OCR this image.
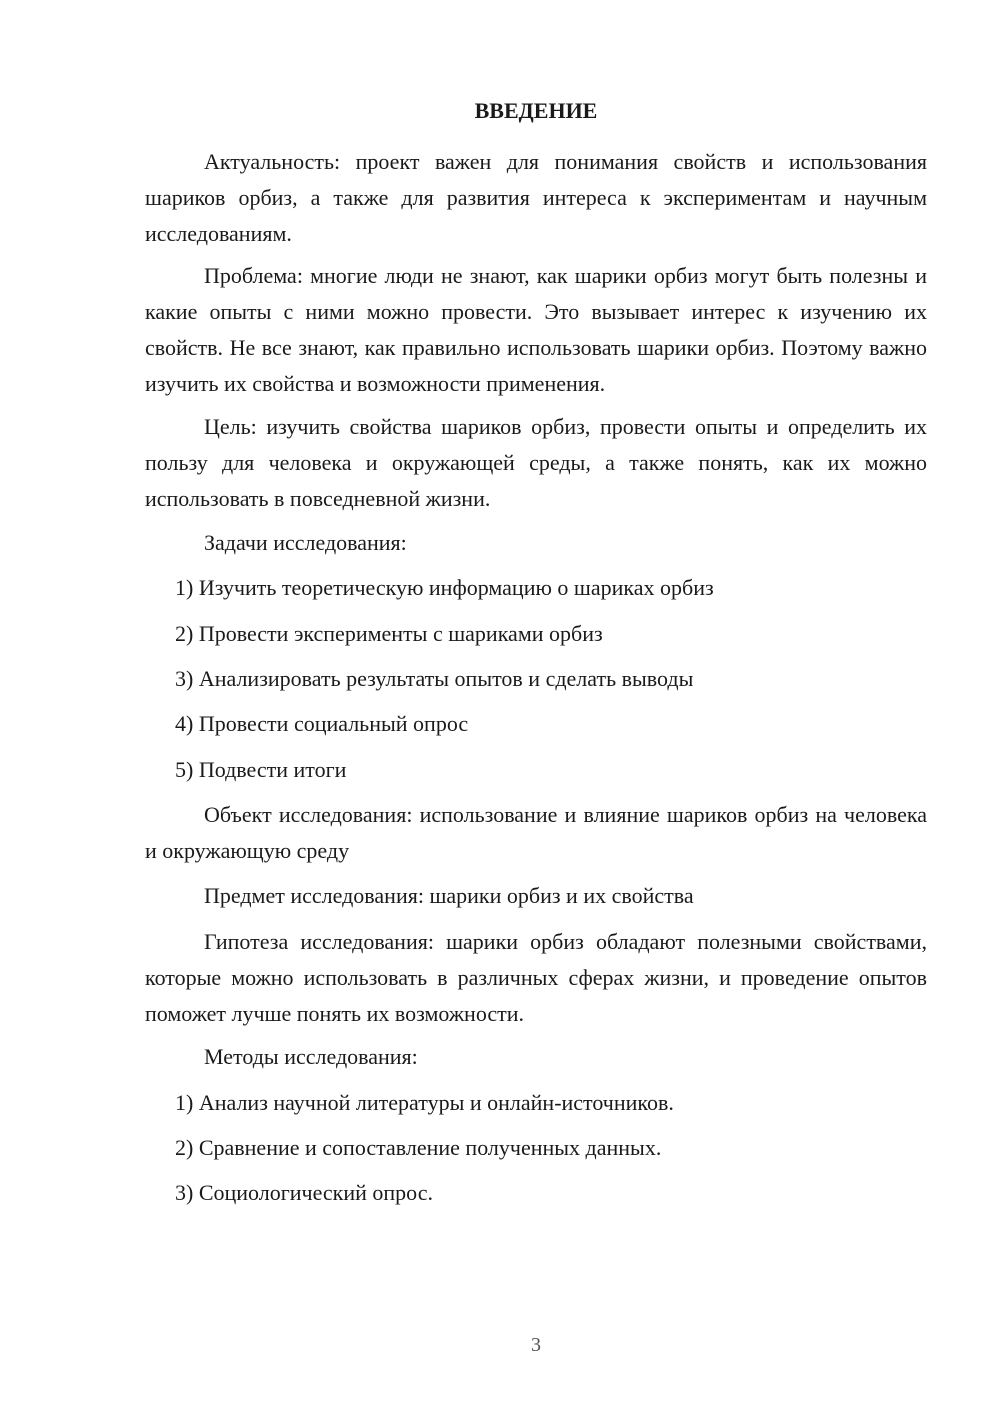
ВВЕДЕНИЕ

Актуальность: проект важен для понимания свойств и использования шариков орбиз, а также для развития интереса к экспериментам и научным исследованиям.

Проблема: многие люди не знают, как шарики орбиз могут быть полезны и какие опыты с ними можно провести. Это вызывает интерес к изучению их свойств. Не все знают, как правильно использовать шарики орбиз. Поэтому важно изучить их свойства и возможности применения.

Цель: изучить свойства шариков орбиз, провести опыты и определить их пользу для человека и окружающей среды, а также понять, как их можно использовать в повседневной жизни.

Задачи исследования:

1) Изучить теоретическую информацию о шариках орбиз

2) Провести эксперименты с шариками орбиз

3) Анализировать результаты опытов и сделать выводы

4) Провести социальный опрос

5) Подвести итоги

Объект исследования: использование и влияние шариков орбиз на человека и окружающую среду

Предмет исследования: шарики орбиз и их свойства

Гипотеза исследования: шарики орбиз обладают полезными свойствами, которые можно использовать в различных сферах жизни, и проведение опытов поможет лучше понять их возможности.

Методы исследования:

1) Анализ научной литературы и онлайн-источников.

2) Сравнение и сопоставление полученных данных.

3) Социологический опрос.

3
